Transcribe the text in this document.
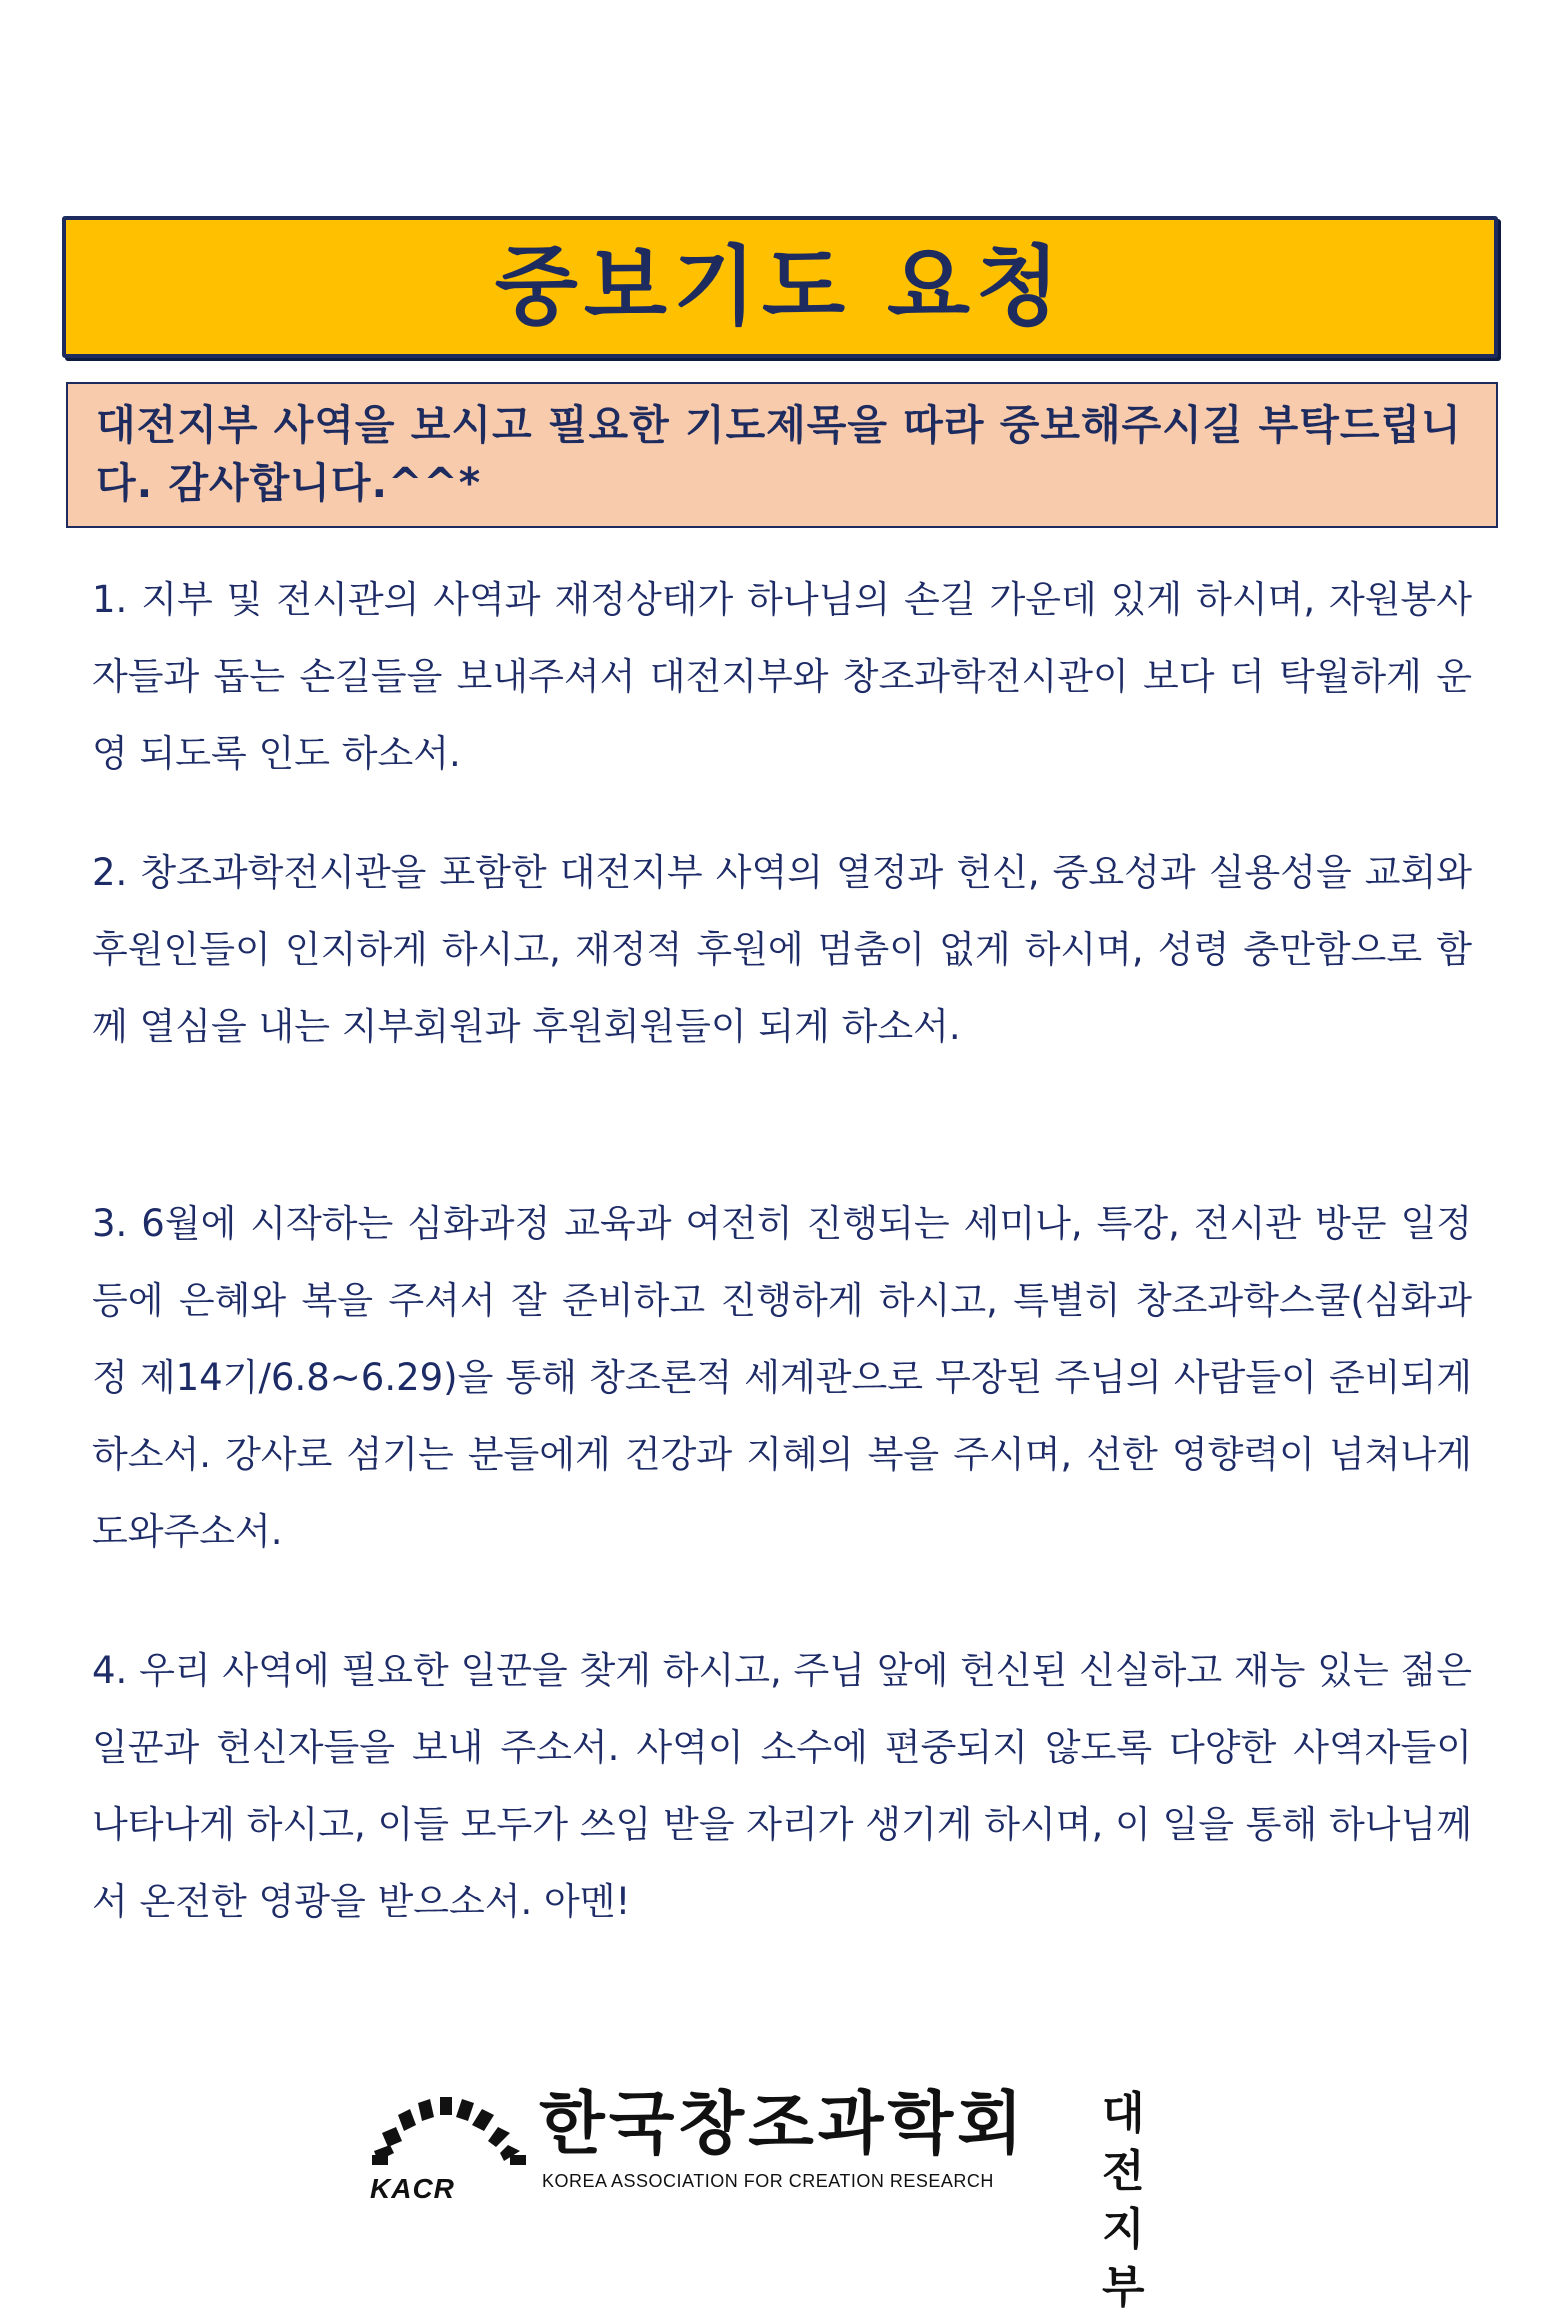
중보기도 요청
대전지부 사역을 보시고 필요한 기도제목을 따라 중보해주시길 부탁드립니다. 감사합니다.^^*

1. 지부 및 전시관의 사역과 재정상태가 하나님의 손길 가운데 있게 하시며, 자원봉사자들과 돕는 손길들을 보내주셔서 대전지부와 창조과학전시관이 보다 더 탁월하게 운영 되도록 인도 하소서.

2. 창조과학전시관을 포함한 대전지부 사역의 열정과 헌신, 중요성과 실용성을 교회와 후원인들이 인지하게 하시고, 재정적 후원에 멈춤이 없게 하시며, 성령 충만함으로 함께 열심을 내는 지부회원과 후원회원들이 되게 하소서.

3. 6월에 시작하는 심화과정 교육과 여전히 진행되는 세미나, 특강, 전시관 방문 일정 등에 은혜와 복을 주셔서 잘 준비하고 진행하게 하시고, 특별히 창조과학스쿨(심화과정 제14기/6.8~6.29)을 통해 창조론적 세계관으로 무장된 주님의 사람들이 준비되게 하소서. 강사로 섬기는 분들에게 건강과 지혜의 복을 주시며, 선한 영향력이 넘쳐나게 도와주소서.

4. 우리 사역에 필요한 일꾼을 찾게 하시고, 주님 앞에 헌신된 신실하고 재능 있는 젊은 일꾼과 헌신자들을 보내 주소서. 사역이 소수에 편중되지 않도록 다양한 사역자들이 나타나게 하시고, 이들 모두가 쓰임 받을 자리가 생기게 하시며, 이 일을 통해 하나님께서 온전한 영광을 받으소서. 아멘!

KACR
한국창조과학회
KOREA ASSOCIATION FOR CREATION RESEARCH
대전지부
